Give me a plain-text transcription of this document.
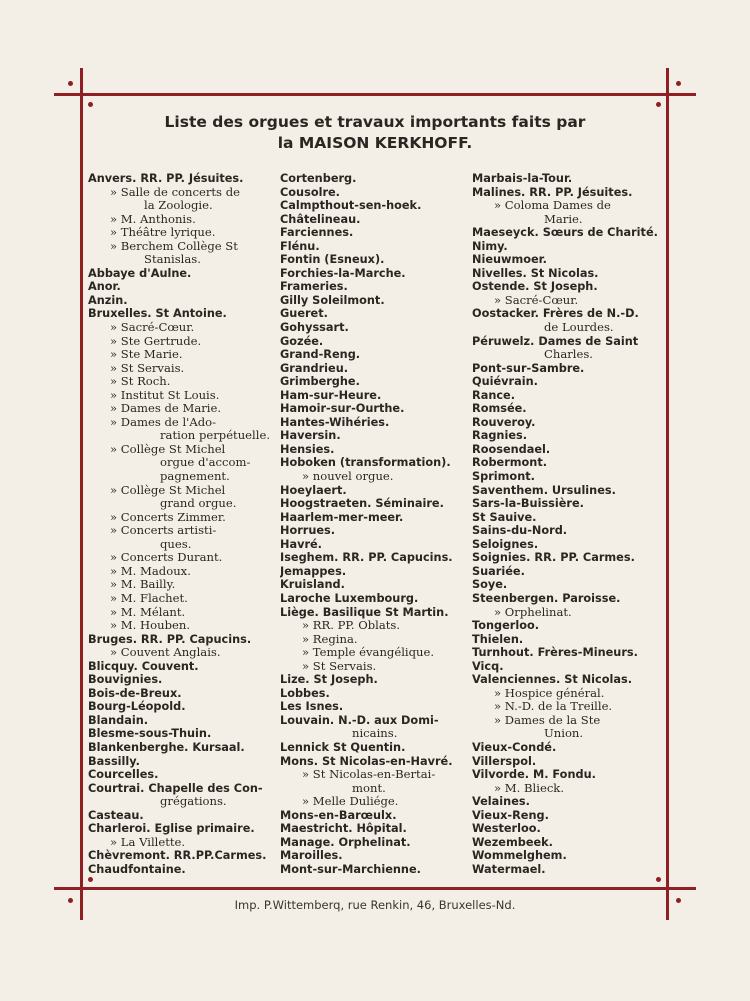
Liste des orgues et travaux importants faits par
la MAISON KERKHOFF.
Anvers. RR. PP. Jésuites.
» Salle de concerts de
la Zoologie.
» M. Anthonis.
» Théâtre lyrique.
» Berchem Collège St
Stanislas.
Abbaye d'Aulne.
Anor.
Anzin.
Bruxelles. St Antoine.
» Sacré-Cœur.
» Ste Gertrude.
» Ste Marie.
» St Servais.
» St Roch.
» Institut St Louis.
» Dames de Marie.
» Dames de l'Ado-
ration perpétuelle.
» Collège St Michel
orgue d'accom-
pagnement.
» Collège St Michel
grand orgue.
» Concerts Zimmer.
» Concerts artisti-
ques.
» Concerts Durant.
» M. Madoux.
» M. Bailly.
» M. Flachet.
» M. Mélant.
» M. Houben.
Bruges. RR. PP. Capucins.
» Couvent Anglais.
Blicquy. Couvent.
Bouvignies.
Bois-de-Breux.
Bourg-Léopold.
Blandain.
Blesme-sous-Thuin.
Blankenberghe. Kursaal.
Bassilly.
Courcelles.
Courtrai. Chapelle des Con-
grégations.
Casteau.
Charleroi. Eglise primaire.
» La Villette.
Chèvremont. RR.PP.Carmes.
Chaudfontaine.
Cortenberg.
Cousolre.
Calmpthout-sen-hoek.
Châtelineau.
Farciennes.
Flénu.
Fontin (Esneux).
Forchies-la-Marche.
Frameries.
Gilly Soleilmont.
Gueret.
Gohyssart.
Gozée.
Grand-Reng.
Grandrieu.
Grimberghe.
Ham-sur-Heure.
Hamoir-sur-Ourthe.
Hantes-Wihéries.
Haversin.
Hensies.
Hoboken (transformation).
» nouvel orgue.
Hoeylaert.
Hoogstraeten. Séminaire.
Haarlem-mer-meer.
Horrues.
Havré.
Iseghem. RR. PP. Capucins.
Jemappes.
Kruisland.
Laroche Luxembourg.
Liège. Basilique St Martin.
» RR. PP. Oblats.
» Regina.
» Temple évangélique.
» St Servais.
Lize. St Joseph.
Lobbes.
Les Isnes.
Louvain. N.-D. aux Domi-
nicains.
Lennick St Quentin.
Mons. St Nicolas-en-Havré.
» St Nicolas-en-Bertai-
mont.
» Melle Duliége.
Mons-en-Barœulx.
Maestricht. Hôpital.
Manage. Orphelinat.
Maroilles.
Mont-sur-Marchienne.
Marbais-la-Tour.
Malines. RR. PP. Jésuites.
» Coloma Dames de
Marie.
Maeseyck. Sœurs de Charité.
Nimy.
Nieuwmoer.
Nivelles. St Nicolas.
Ostende. St Joseph.
» Sacré-Cœur.
Oostacker. Frères de N.-D.
de Lourdes.
Péruwelz. Dames de Saint
Charles.
Pont-sur-Sambre.
Quiévrain.
Rance.
Romsée.
Rouveroy.
Ragnies.
Roosendael.
Robermont.
Sprimont.
Saventhem. Ursulines.
Sars-la-Buissière.
St Sauive.
Sains-du-Nord.
Seloignes.
Soignies. RR. PP. Carmes.
Suariée.
Soye.
Steenbergen. Paroisse.
» Orphelinat.
Tongerloo.
Thielen.
Turnhout. Frères-Mineurs.
Vicq.
Valenciennes. St Nicolas.
» Hospice général.
» N.-D. de la Treille.
» Dames de la Ste
Union.
Vieux-Condé.
Villerspol.
Vilvorde. M. Fondu.
» M. Blieck.
Velaines.
Vieux-Reng.
Westerloo.
Wezembeek.
Wommelghem.
Watermael.
Imp. P.Wittemberq, rue Renkin, 46, Bruxelles-Nd.
